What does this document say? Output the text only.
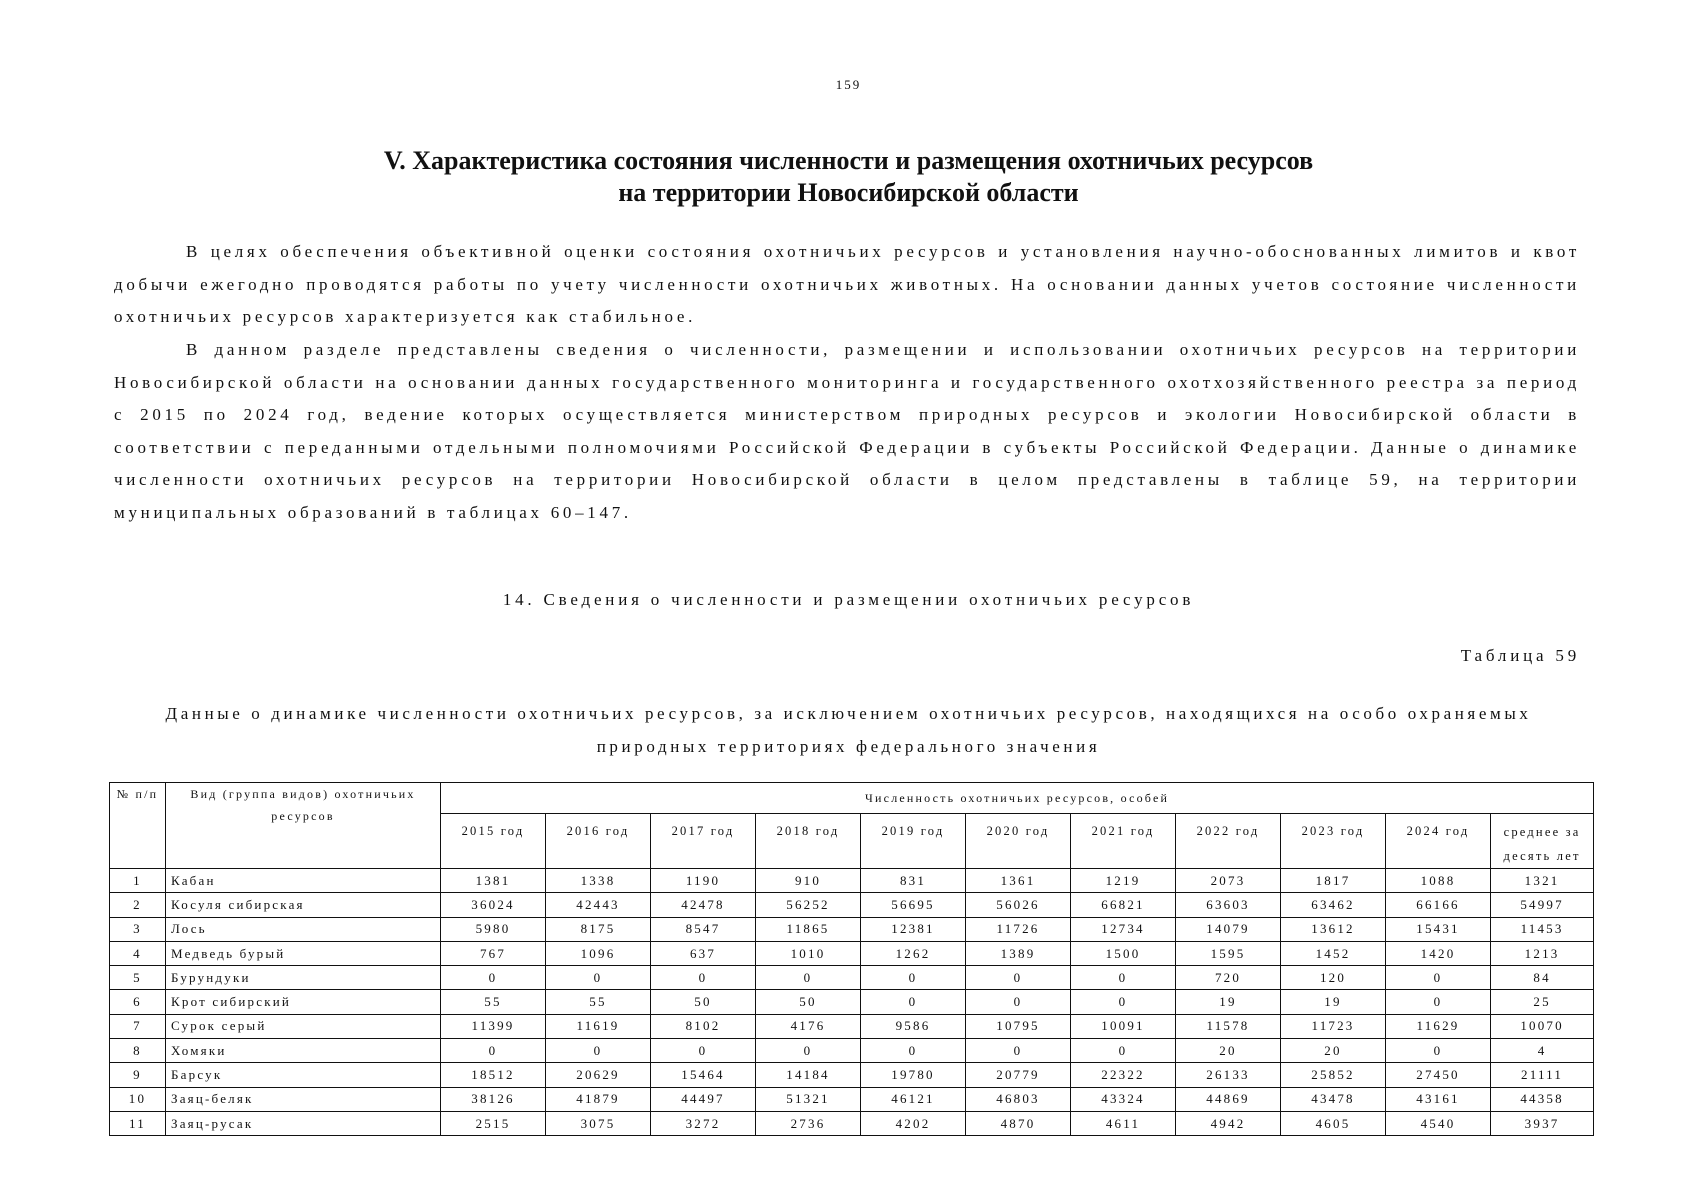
159
V. Характеристика состояния численности и размещения охотничьих ресурсов
на территории Новосибирской области

В целях обеспечения объективной оценки состояния охотничьих ресурсов и установления научно-обоснованных лимитов и квот добычи ежегодно проводятся работы по учету численности охотничьих животных. На основании данных учетов состояние численности охотничьих ресурсов характеризуется как стабильное.

В данном разделе представлены сведения о численности, размещении и использовании охотничьих ресурсов на территории Новосибирской области на основании данных государственного мониторинга и государственного охотхозяйственного реестра за период с 2015 по 2024 год, ведение которых осуществляется министерством природных ресурсов и экологии Новосибирской области в соответствии с переданными отдельными полномочиями Российской Федерации в субъекты Российской Федерации. Данные о динамике численности охотничьих ресурсов на территории Новосибирской области в целом представлены в таблице 59, на территории муниципальных образований в таблицах 60–147.

14. Сведения о численности и размещении охотничьих ресурсов
Таблица 59
Данные о динамике численности охотничьих ресурсов, за исключением охотничьих ресурсов, находящихся на особо охраняемых природных территориях федерального значения
№ п/п	Вид (группа видов) охотничьих ресурсов	Численность охотничьих ресурсов, особей										
		2015 год	2016 год	2017 год	2018 год	2019 год	2020 год	2021 год	2022 год	2023 год	2024 год	среднее за десять лет
1	Кабан	1381	1338	1190	910	831	1361	1219	2073	1817	1088	1321
2	Косуля сибирская	36024	42443	42478	56252	56695	56026	66821	63603	63462	66166	54997
3	Лось	5980	8175	8547	11865	12381	11726	12734	14079	13612	15431	11453
4	Медведь бурый	767	1096	637	1010	1262	1389	1500	1595	1452	1420	1213
5	Бурундуки	0	0	0	0	0	0	0	720	120	0	84
6	Крот сибирский	55	55	50	50	0	0	0	19	19	0	25
7	Сурок серый	11399	11619	8102	4176	9586	10795	10091	11578	11723	11629	10070
8	Хомяки	0	0	0	0	0	0	0	20	20	0	4
9	Барсук	18512	20629	15464	14184	19780	20779	22322	26133	25852	27450	21111
10	Заяц-беляк	38126	41879	44497	51321	46121	46803	43324	44869	43478	43161	44358
11	Заяц-русак	2515	3075	3272	2736	4202	4870	4611	4942	4605	4540	3937
